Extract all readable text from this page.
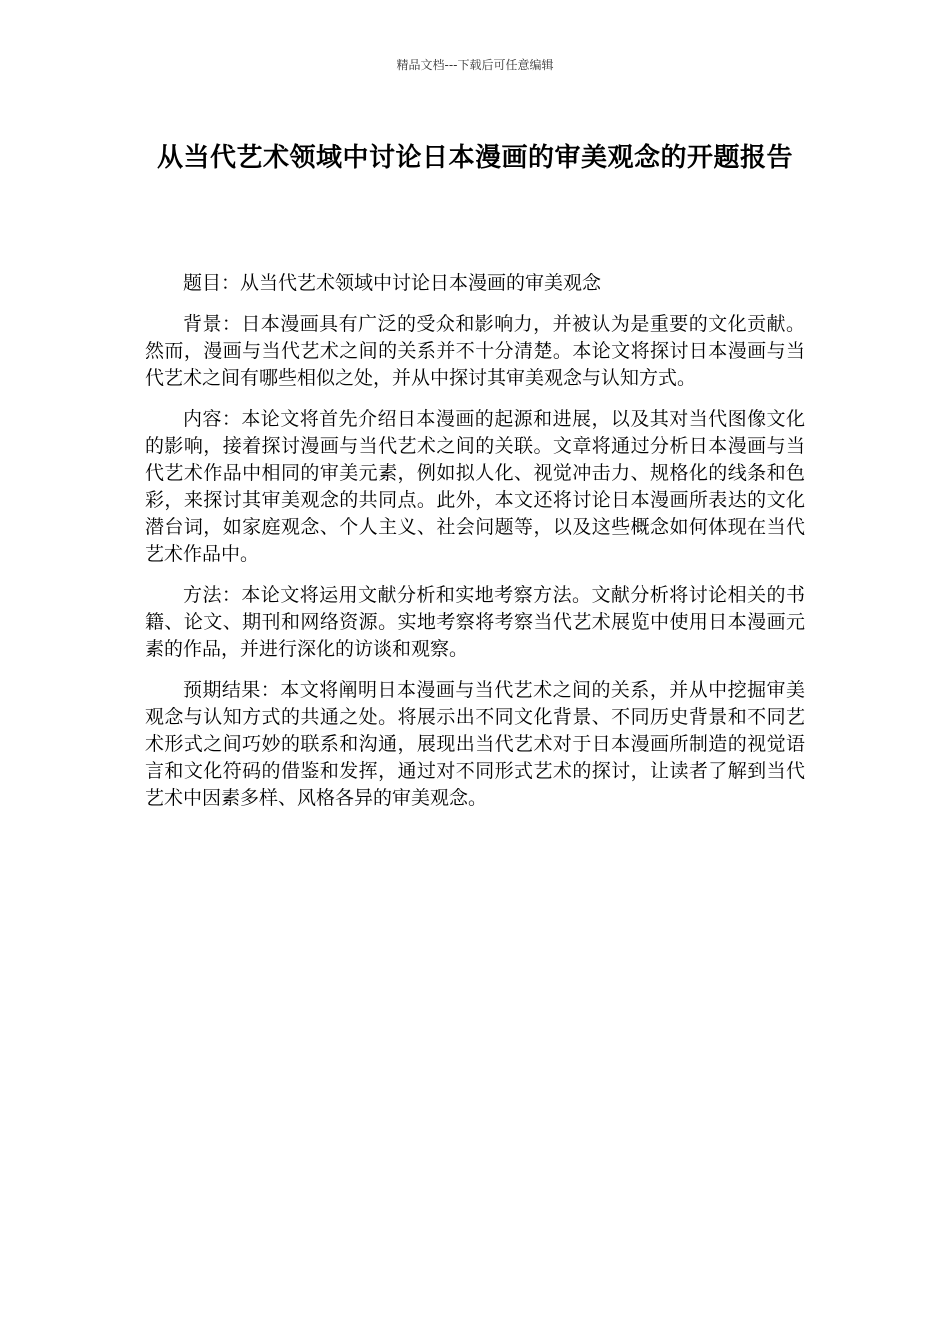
精品文档---下载后可任意编辑
从当代艺术领域中讨论日本漫画的审美观念的开题报告

题目：从当代艺术领域中讨论日本漫画的审美观念

背景：日本漫画具有广泛的受众和影响力，并被认为是重要的文化贡献。然而，漫画与当代艺术之间的关系并不十分清楚。本论文将探讨日本漫画与当代艺术之间有哪些相似之处，并从中探讨其审美观念与认知方式。

内容：本论文将首先介绍日本漫画的起源和进展，以及其对当代图像文化的影响，接着探讨漫画与当代艺术之间的关联。文章将通过分析日本漫画与当代艺术作品中相同的审美元素，例如拟人化、视觉冲击力、规格化的线条和色彩，来探讨其审美观念的共同点。此外，本文还将讨论日本漫画所表达的文化潜台词，如家庭观念、个人主义、社会问题等，以及这些概念如何体现在当代艺术作品中。

方法：本论文将运用文献分析和实地考察方法。文献分析将讨论相关的书籍、论文、期刊和网络资源。实地考察将考察当代艺术展览中使用日本漫画元素的作品，并进行深化的访谈和观察。

预期结果：本文将阐明日本漫画与当代艺术之间的关系，并从中挖掘审美观念与认知方式的共通之处。将展示出不同文化背景、不同历史背景和不同艺术形式之间巧妙的联系和沟通，展现出当代艺术对于日本漫画所制造的视觉语言和文化符码的借鉴和发挥，通过对不同形式艺术的探讨，让读者了解到当代艺术中因素多样、风格各异的审美观念。
